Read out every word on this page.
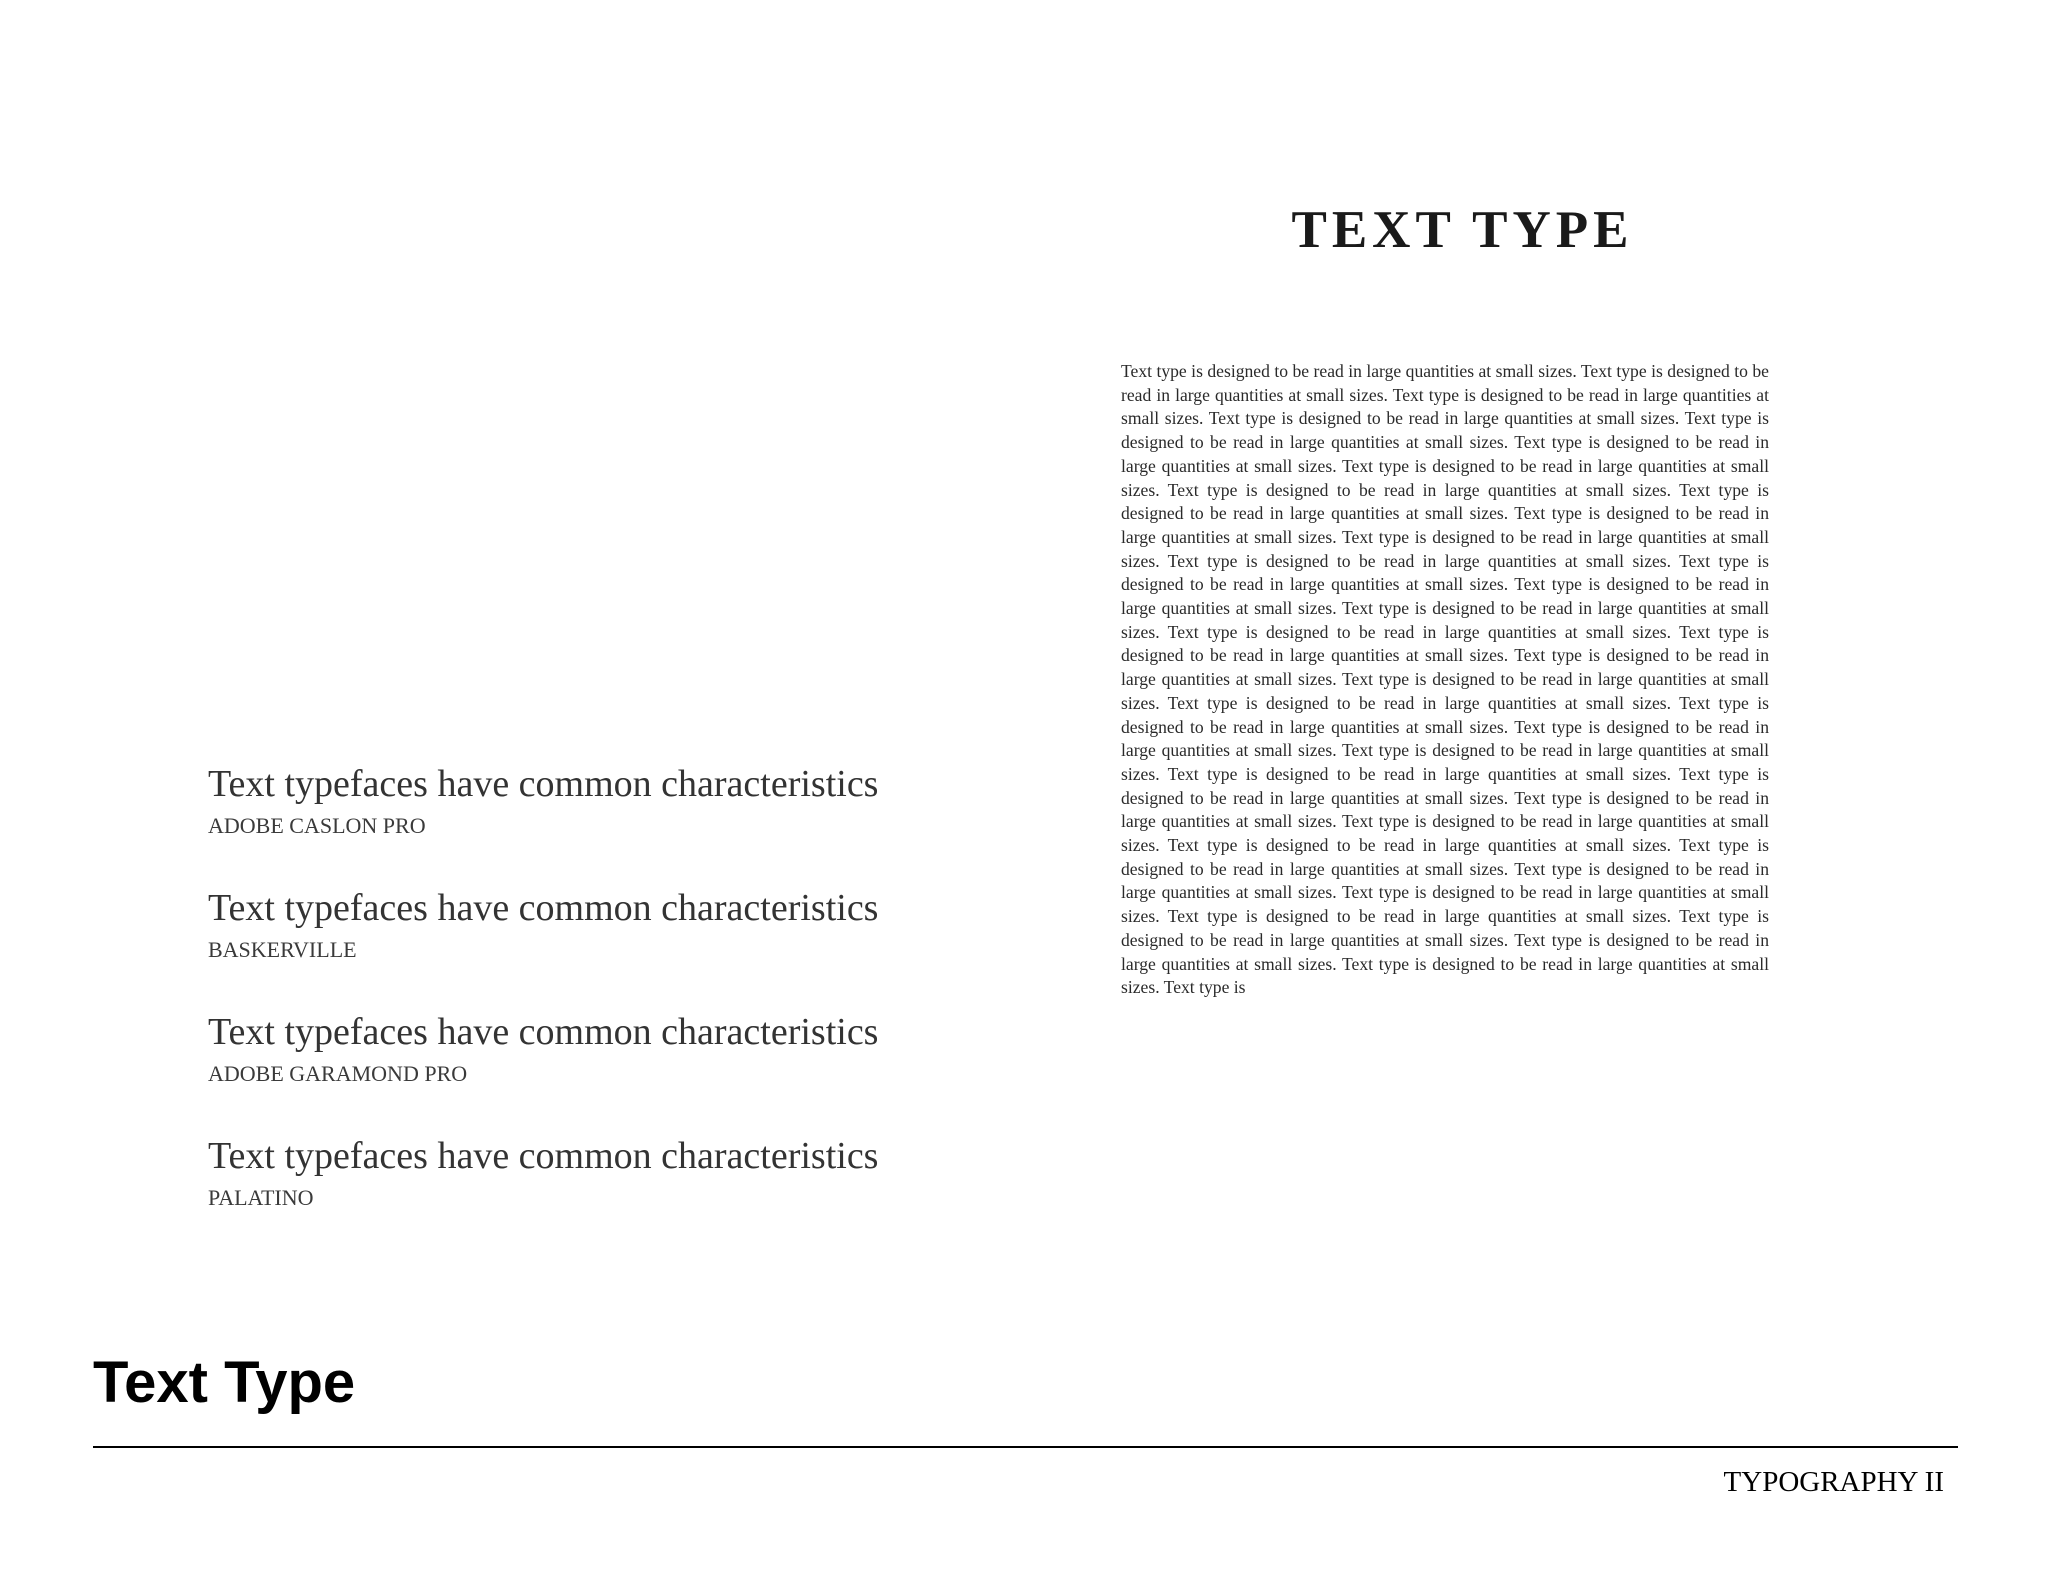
Text typefaces have common characteristics
ADOBE CASLON PRO
Text typefaces have common characteristics
BASKERVILLE
Text typefaces have common characteristics
ADOBE GARAMOND PRO
Text typefaces have common characteristics
PALATINO
TEXT TYPE

Text type is designed to be read in large quantities at small sizes. Text type is designed to be read in large quantities at small sizes. Text type is designed to be read in large quantities at small sizes. Text type is designed to be read in large quantities at small sizes. Text type is designed to be read in large quantities at small sizes. Text type is designed to be read in large quantities at small sizes. Text type is designed to be read in large quantities at small sizes. Text type is designed to be read in large quantities at small sizes. Text type is designed to be read in large quantities at small sizes. Text type is designed to be read in large quantities at small sizes. Text type is designed to be read in large quantities at small sizes. Text type is designed to be read in large quantities at small sizes. Text type is designed to be read in large quantities at small sizes. Text type is designed to be read in large quantities at small sizes. Text type is designed to be read in large quantities at small sizes. Text type is designed to be read in large quantities at small sizes. Text type is designed to be read in large quantities at small sizes. Text type is designed to be read in large quantities at small sizes. Text type is designed to be read in large quantities at small sizes. Text type is designed to be read in large quantities at small sizes. Text type is designed to be read in large quantities at small sizes. Text type is designed to be read in large quantities at small sizes. Text type is designed to be read in large quantities at small sizes. Text type is designed to be read in large quantities at small sizes. Text type is designed to be read in large quantities at small sizes. Text type is designed to be read in large quantities at small sizes. Text type is designed to be read in large quantities at small sizes. Text type is designed to be read in large quantities at small sizes. Text type is designed to be read in large quantities at small sizes. Text type is designed to be read in large quantities at small sizes. Text type is designed to be read in large quantities at small sizes. Text type is designed to be read in large quantities at small sizes. Text type is designed to be read in large quantities at small sizes. Text type is designed to be read in large quantities at small sizes. Text type is designed to be read in large quantities at small sizes. Text type is

Text Type
TYPOGRAPHY II
